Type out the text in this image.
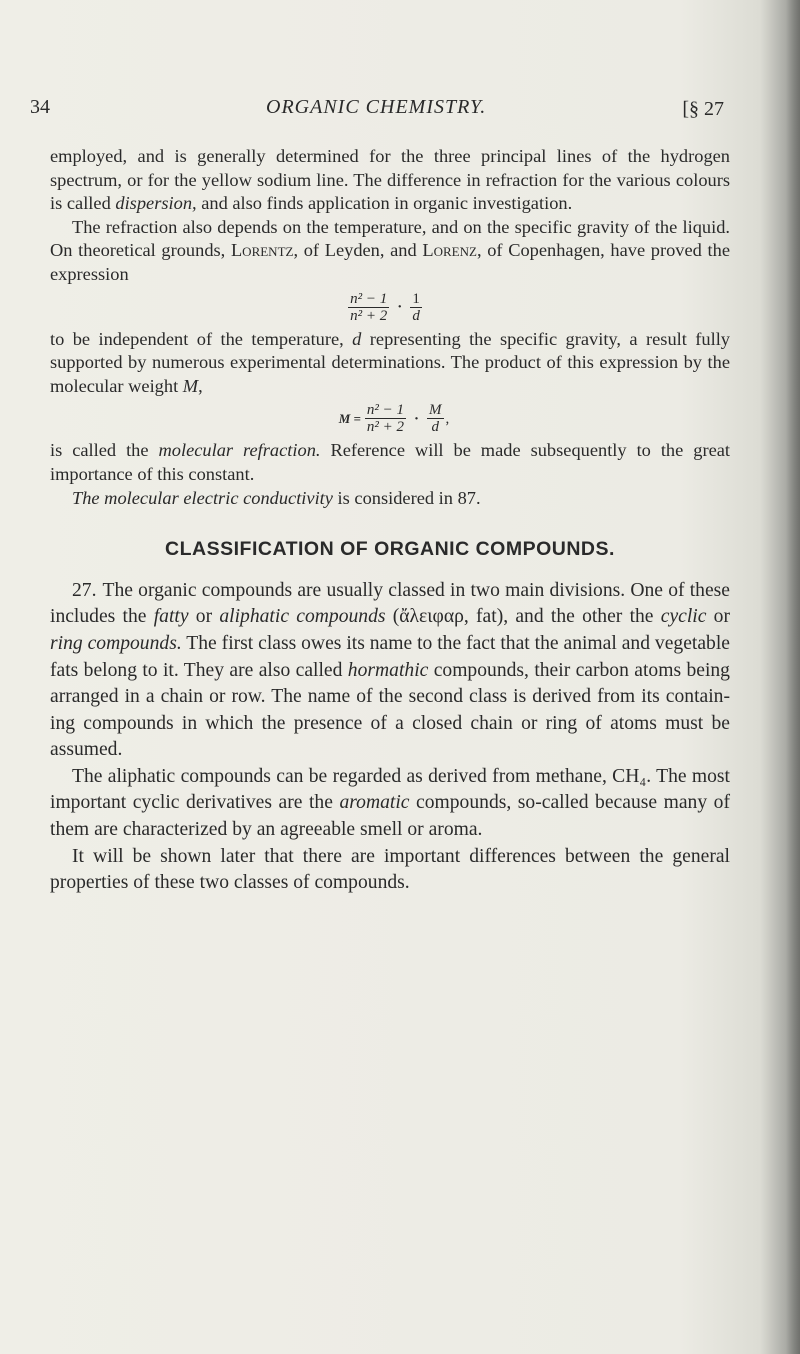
34	ORGANIC CHEMISTRY.	[§ 27

employed, and is generally determined for the three principal lines of the hydrogen spectrum, or for the yellow sodium line. The difference in refraction for the various colours is called dispersion, and also finds application in organic investigation.

The refraction also depends on the temperature, and on the specific gravity of the liquid. On theoretical grounds, Lorentz, of Leyden, and Lorenz, of Copenhagen, have proved the expression

$\frac{\text{n² − 1}}{\text{n² + 2}} \cdot \frac{1}{d}$

to be independent of the temperature, d representing the specific gravity, a result fully supported by numerous experimental determinations. The product of this expression by the molecular weight M,

$M = \frac{\text{n² − 1}}{\text{n² + 2}} \cdot \frac{M}{d}$ ,

is called the molecular refraction. Reference will be made subsequently to the great importance of this constant.

The molecular electric conductivity is considered in 87.

CLASSIFICATION OF ORGANIC COMPOUNDS.

27. The organic compounds are usually classed in two main divisions. One of these includes the fatty or aliphatic compounds (ἄλειφαρ, fat), and the other the cyclic or ring compounds. The first class owes its name to the fact that the animal and vegetable fats belong to it. They are also called hormathic compounds, their carbon atoms being arranged in a chain or row. The name of the second class is derived from its containing compounds in which the presence of a closed chain or ring of atoms must be assumed.

The aliphatic compounds can be regarded as derived from methane, CH₄. The most important cyclic derivatives are the aromatic compounds, so-called because many of them are characterized by an agreeable smell or aroma.

It will be shown later that there are important differences between the general properties of these two classes of compounds.
